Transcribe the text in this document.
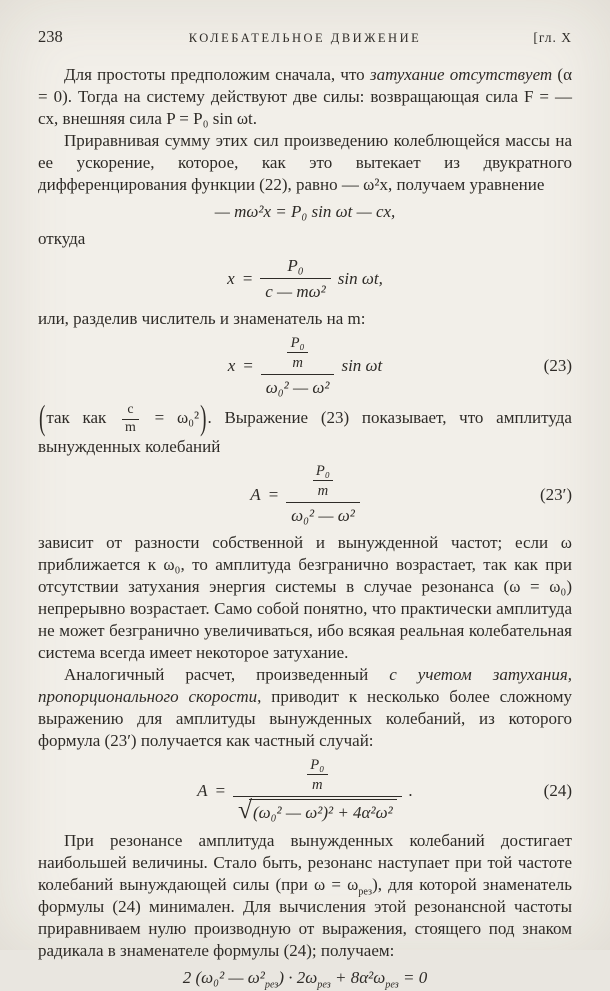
238	КОЛЕБАТЕЛЬНОЕ ДВИЖЕНИЕ	[гл. X

Для простоты предположим сначала, что затухание отсутствует (α = 0). Тогда на систему действуют две силы: возвращающая сила F = — cx, внешняя сила P = P₀ sin ωt.

Приравнивая сумму этих сил произведению колеблющейся массы на ее ускорение, которое, как это вытекает из двукратного дифференцирования функции (22), равно — ω²x, получаем уравнение

— mω²x = P₀ sin ωt — cx,

откуда

$x = \frac{\text{P₀}}{\text{c — mω²}}$ sin ωt,

или, разделив числитель и знаменатель на m:

$x = \frac{\frac{\text{P₀}}{m}}{\text{ω₀² — ω²}}$ sin ωt	(23)

(так как $\frac{c}{m} = \omega_0^2$). Выражение (23) показывает, что амплитуда вынужденных колебаний

$A = \frac{\frac{\text{P₀}}{m}}{\text{ω₀² — ω²}}$	(23′)

зависит от разности собственной и вынужденной частот; если ω приближается к ω₀, то амплитуда безгранично возрастает, так как при отсутствии затухания энергия системы в случае резонанса (ω = ω₀) непрерывно возрастает. Само собой понятно, что практически амплитуда не может безгранично увеличиваться, ибо всякая реальная колебательная система всегда имеет некоторое затухание.

Аналогичный расчет, произведенный с учетом затухания, пропорционального скорости, приводит к несколько более сложному выражению для амплитуды вынужденных колебаний, из которого формула (23′) получается как частный случай:

$A = \frac{\frac{\text{P₀}}{m}}{\text{√ (ω₀² — ω²)² + 4α²ω²}}$ .	(24)

При резонансе амплитуда вынужденных колебаний достигает наибольшей величины. Стало быть, резонанс наступает при той частоте колебаний вынуждающей силы (при $\omega = \omega_{рез}$), для которой знаменатель формулы (24) минимален. Для вычисления этой резонансной частоты приравниваем нулю производную от выражения, стоящего под знаком радикала в знаменателе формулы (24); получаем:

2 (ω₀² — $\omega^2_{рез}) \cdot 2\omega_{рез} + 8\alpha^2\omega_{рез} = 0$
